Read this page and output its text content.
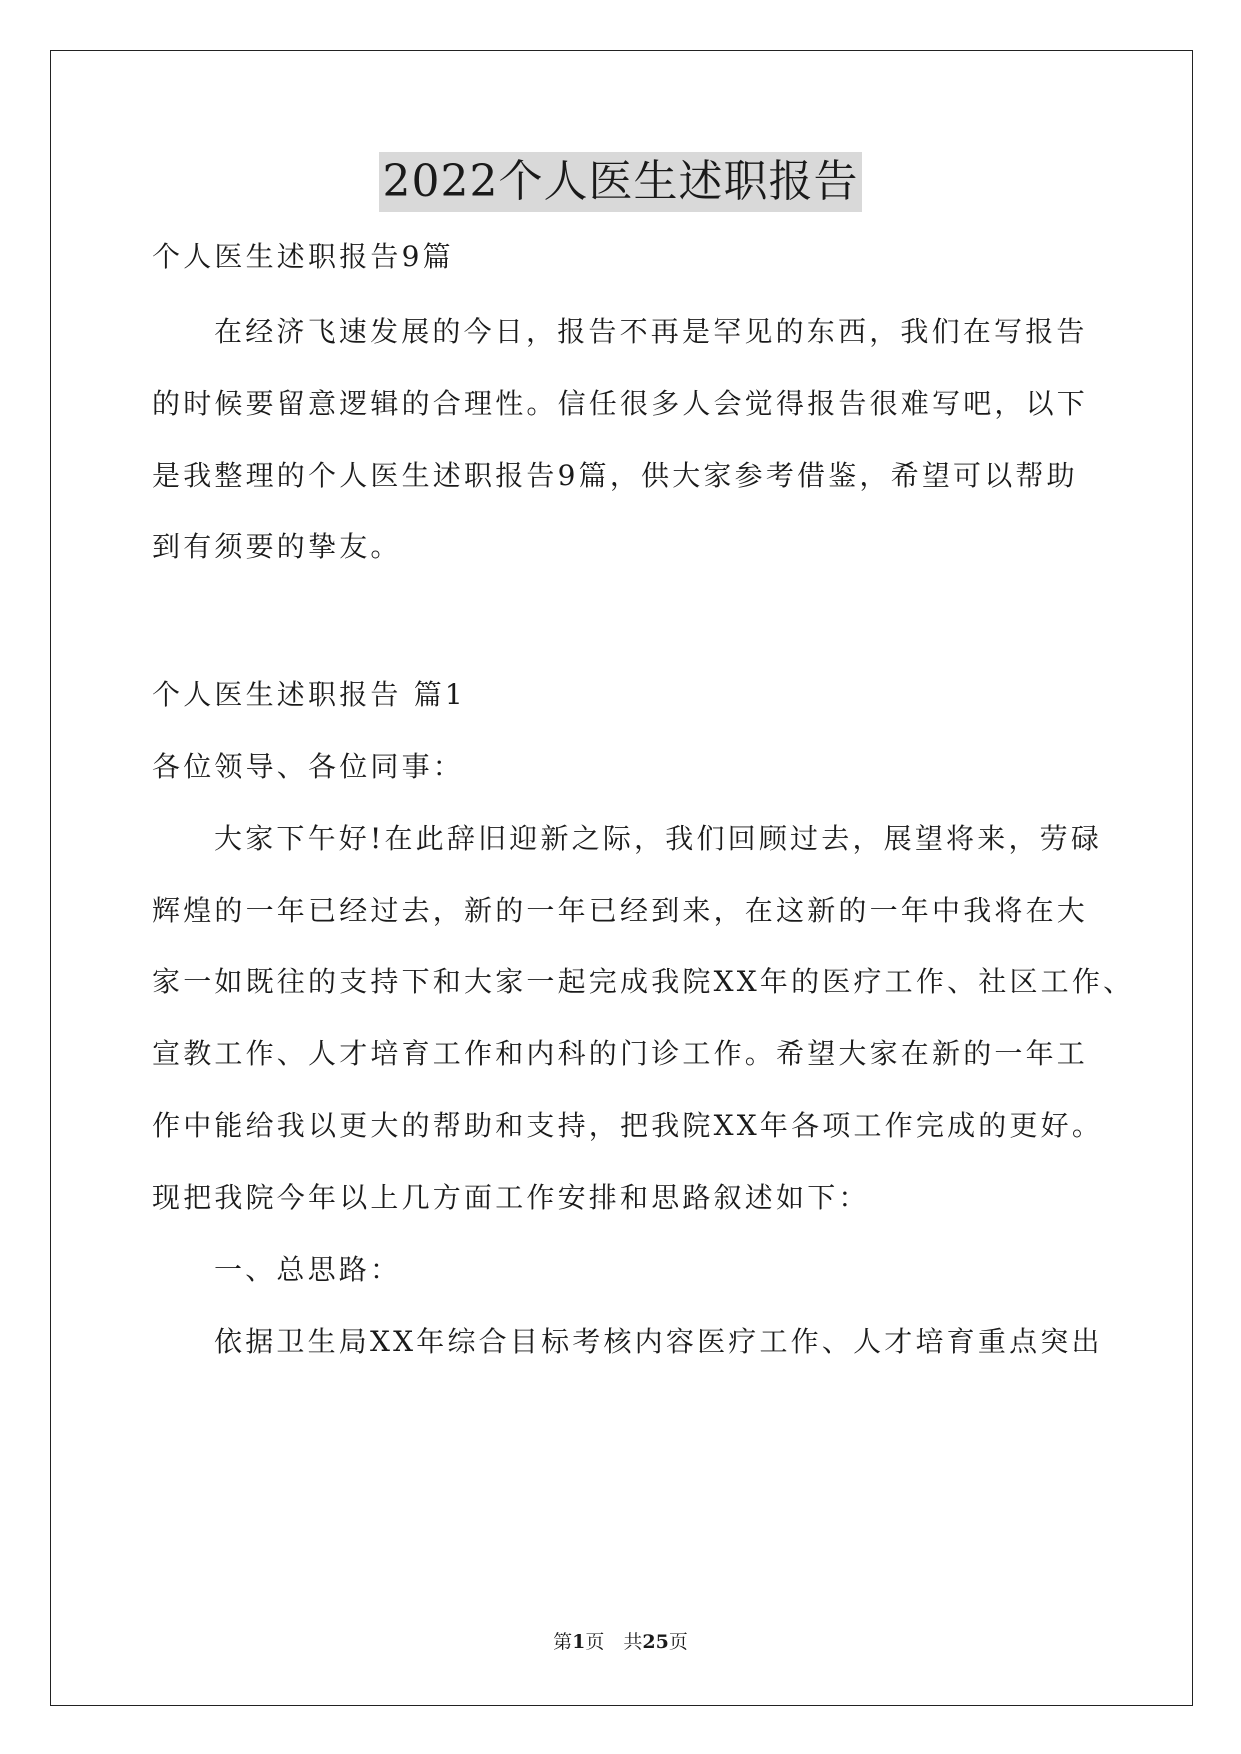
2022个人医生述职报告
个人医生述职报告9篇
在经济飞速发展的今日，报告不再是罕见的东西，我们在写报告
的时候要留意逻辑的合理性。信任很多人会觉得报告很难写吧，以下
是我整理的个人医生述职报告9篇，供大家参考借鉴，希望可以帮助
到有须要的挚友。
个人医生述职报告 篇1
各位领导、各位同事：
大家下午好!在此辞旧迎新之际，我们回顾过去，展望将来，劳碌
辉煌的一年已经过去，新的一年已经到来，在这新的一年中我将在大
家一如既往的支持下和大家一起完成我院XX年的医疗工作、社区工作、
宣教工作、人才培育工作和内科的门诊工作。希望大家在新的一年工
作中能给我以更大的帮助和支持，把我院XX年各项工作完成的更好。
现把我院今年以上几方面工作安排和思路叙述如下：
一、总思路：
依据卫生局XX年综合目标考核内容医疗工作、人才培育重点突出
第1页　共25页
